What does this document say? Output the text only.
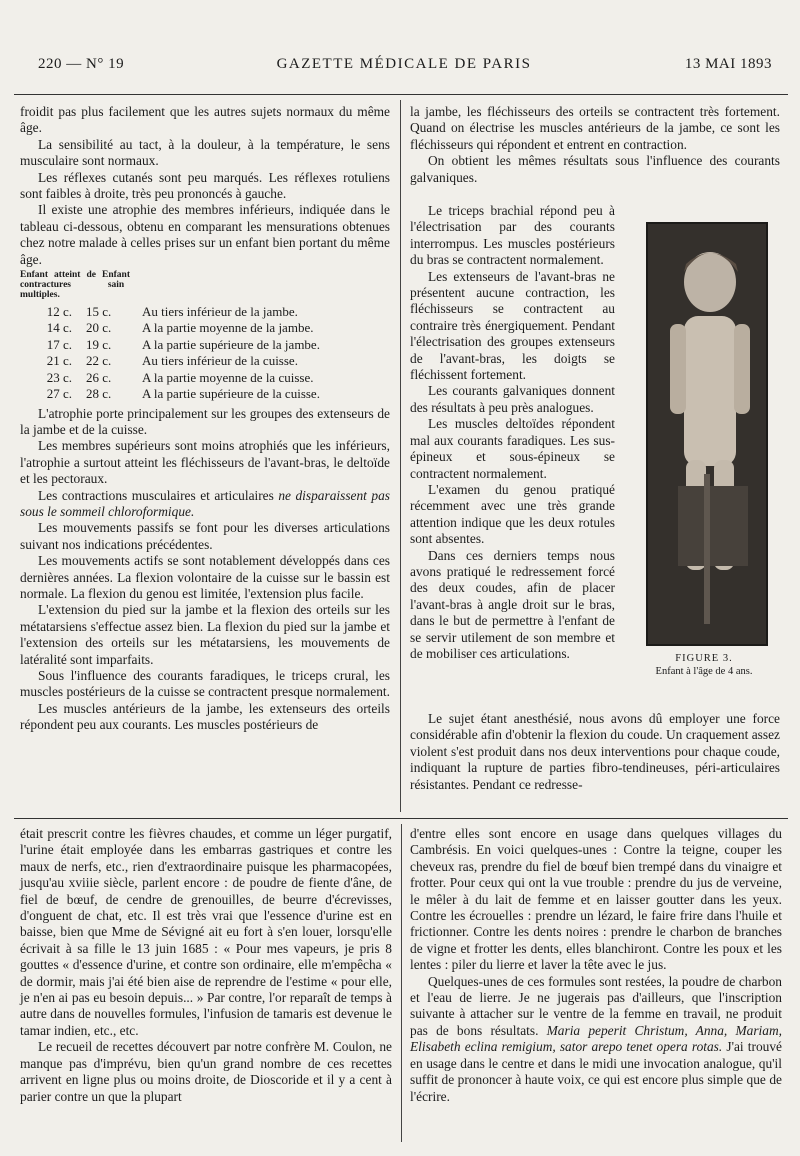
220 — N° 19	GAZETTE MÉDICALE DE PARIS	13 MAI 1893

froidit pas plus facilement que les autres sujets normaux du même âge.

La sensibilité au tact, à la douleur, à la température, le sens musculaire sont normaux.

Les réflexes cutanés sont peu marqués. Les réflexes rotuliens sont faibles à droite, très peu prononcés à gauche.

Il existe une atrophie des membres inférieurs, indiquée dans le tableau ci-dessous, obtenu en comparant les mensurations obtenues chez notre malade à celles prises sur un enfant bien portant du même âge.

Enfant atteint de contractures multiples.
Enfant sain
12 c.	15 c.	Au tiers inférieur de la jambe.
14 c.	20 c.	A la partie moyenne de la jambe.
17 c.	19 c.	A la partie supérieure de la jambe.
21 c.	22 c.	Au tiers inférieur de la cuisse.
23 c.	26 c.	A la partie moyenne de la cuisse.
27 c.	28 c.	A la partie supérieure de la cuisse.

L'atrophie porte principalement sur les groupes des extenseurs de la jambe et de la cuisse.

Les membres supérieurs sont moins atrophiés que les inférieurs, l'atrophie a surtout atteint les fléchisseurs de l'avant-bras, le deltoïde et les pectoraux.

Les contractions musculaires et articulaires ne disparaissent pas sous le sommeil chloroformique.

Les mouvements passifs se font pour les diverses articulations suivant nos indications précédentes.

Les mouvements actifs se sont notablement développés dans ces dernières années. La flexion volontaire de la cuisse sur le bassin est normale. La flexion du genou est limitée, l'extension plus facile.

L'extension du pied sur la jambe et la flexion des orteils sur les métatarsiens s'effectue assez bien. La flexion du pied sur la jambe et l'extension des orteils sur les métatarsiens, les mouvements de latéralité sont imparfaits.

Sous l'influence des courants faradiques, le triceps crural, les muscles postérieurs de la cuisse se contractent presque normalement.

Les muscles antérieurs de la jambe, les extenseurs des orteils répondent peu aux courants. Les muscles postérieurs de

la jambe, les fléchisseurs des orteils se contractent très fortement. Quand on électrise les muscles antérieurs de la jambe, ce sont les fléchisseurs qui répondent et entrent en contraction.

On obtient les mêmes résultats sous l'influence des courants galvaniques.

Le triceps brachial répond peu à l'électrisation par des courants interrompus. Les muscles postérieurs du bras se contractent normalement.

Les extenseurs de l'avant-bras ne présentent aucune contraction, les fléchisseurs se contractent au contraire très énergiquement. Pendant l'électrisation des groupes extenseurs de l'avant-bras, les doigts se fléchissent fortement.

Les courants galvaniques donnent des résultats à peu près analogues.

Les muscles deltoïdes répondent mal aux courants faradiques. Les sus-épineux et sous-épineux se contractent normalement.

L'examen du genou pratiqué récemment avec une très grande attention indique que les deux rotules sont absentes.

Dans ces derniers temps nous avons pratiqué le redressement forcé des deux coudes, afin de placer l'avant-bras à angle droit sur le bras, dans le but de permettre à l'enfant de se servir utilement de son membre et de mobiliser ces articulations.

Le sujet étant anesthésié, nous avons dû employer une force considérable afin d'obtenir la flexion du coude. Un craquement assez violent s'est produit dans nos deux interventions pour chaque coude, indiquant la rupture de parties fibro-tendineuses, péri-articulaires résistantes. Pendant ce redresse-

FIGURE 3.
Enfant à l'âge de 4 ans.

était prescrit contre les fièvres chaudes, et comme un léger purgatif, l'urine était employée dans les embarras gastriques et contre les maux de nerfs, etc., rien d'extraordinaire puisque les pharmacopées, jusqu'au xviiie siècle, parlent encore : de poudre de fiente d'âne, de fiel de bœuf, de cendre de grenouilles, de beurre d'écrevisses, d'onguent de chat, etc. Il est très vrai que l'essence d'urine est en baisse, bien que Mme de Sévigné ait eu fort à s'en louer, lorsqu'elle écrivait à sa fille le 13 juin 1685 : « Pour mes vapeurs, je pris 8 gouttes « d'essence d'urine, et contre son ordinaire, elle m'empêcha « de dormir, mais j'ai été bien aise de reprendre de l'estime « pour elle, je n'en ai pas eu besoin depuis... » Par contre, l'or reparaît de temps à autre dans de nouvelles formules, l'infusion de tamaris est devenue le tamar indien, etc., etc.

Le recueil de recettes découvert par notre confrère M. Coulon, ne manque pas d'imprévu, bien qu'un grand nombre de ces recettes arrivent en ligne plus ou moins droite, de Dioscoride et il y a cent à parier contre un que la plupart

d'entre elles sont encore en usage dans quelques villages du Cambrésis. En voici quelques-unes : Contre la teigne, couper les cheveux ras, prendre du fiel de bœuf bien trempé dans du vinaigre et frotter. Pour ceux qui ont la vue trouble : prendre du jus de verveine, le mêler à du lait de femme et en laisser goutter dans les yeux. Contre les écrouelles : prendre un lézard, le faire frire dans l'huile et frictionner. Contre les dents noires : prendre le charbon de branches de vigne et frotter les dents, elles blanchiront. Contre les poux et les lentes : piler du lierre et laver la tête avec le jus.

Quelques-unes de ces formules sont restées, la poudre de charbon et l'eau de lierre. Je ne jugerais pas d'ailleurs, que l'inscription suivante à attacher sur le ventre de la femme en travail, ne produit pas de bons résultats. Maria peperit Christum, Anna, Mariam, Elisabeth eclina remigium, sator arepo tenet opera rotas. J'ai trouvé en usage dans le centre et dans le midi une invocation analogue, qu'il suffit de prononcer à haute voix, ce qui est encore plus simple que de l'écrire.
